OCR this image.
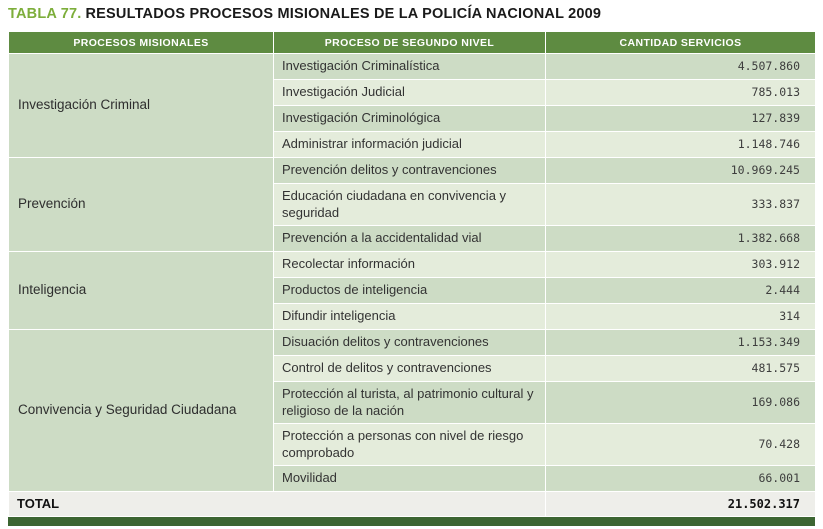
TABLA 77. RESULTADOS PROCESOS MISIONALES DE LA POLICÍA NACIONAL 2009
PROCESOS MISIONALES	PROCESO DE SEGUNDO NIVEL	CANTIDAD SERVICIOS
Investigación Criminal	Investigación Criminalística	4.507.860
	Investigación Judicial	785.013
	Investigación Criminológica	127.839
	Administrar información judicial	1.148.746
Prevención	Prevención delitos y contravenciones	10.969.245
	Educación ciudadana en convivencia y seguridad	333.837
	Prevención a la accidentalidad vial	1.382.668
Inteligencia	Recolectar información	303.912
	Productos de inteligencia	2.444
	Difundir inteligencia	314
Convivencia y Seguridad Ciudadana	Disuación delitos y contravenciones	1.153.349
	Control de delitos y contravenciones	481.575
	Protección al turista, al patrimonio cultural y religioso de la nación	169.086
	Protección a personas con nivel de riesgo comprobado	70.428
	Movilidad	66.001
TOTAL		21.502.317
